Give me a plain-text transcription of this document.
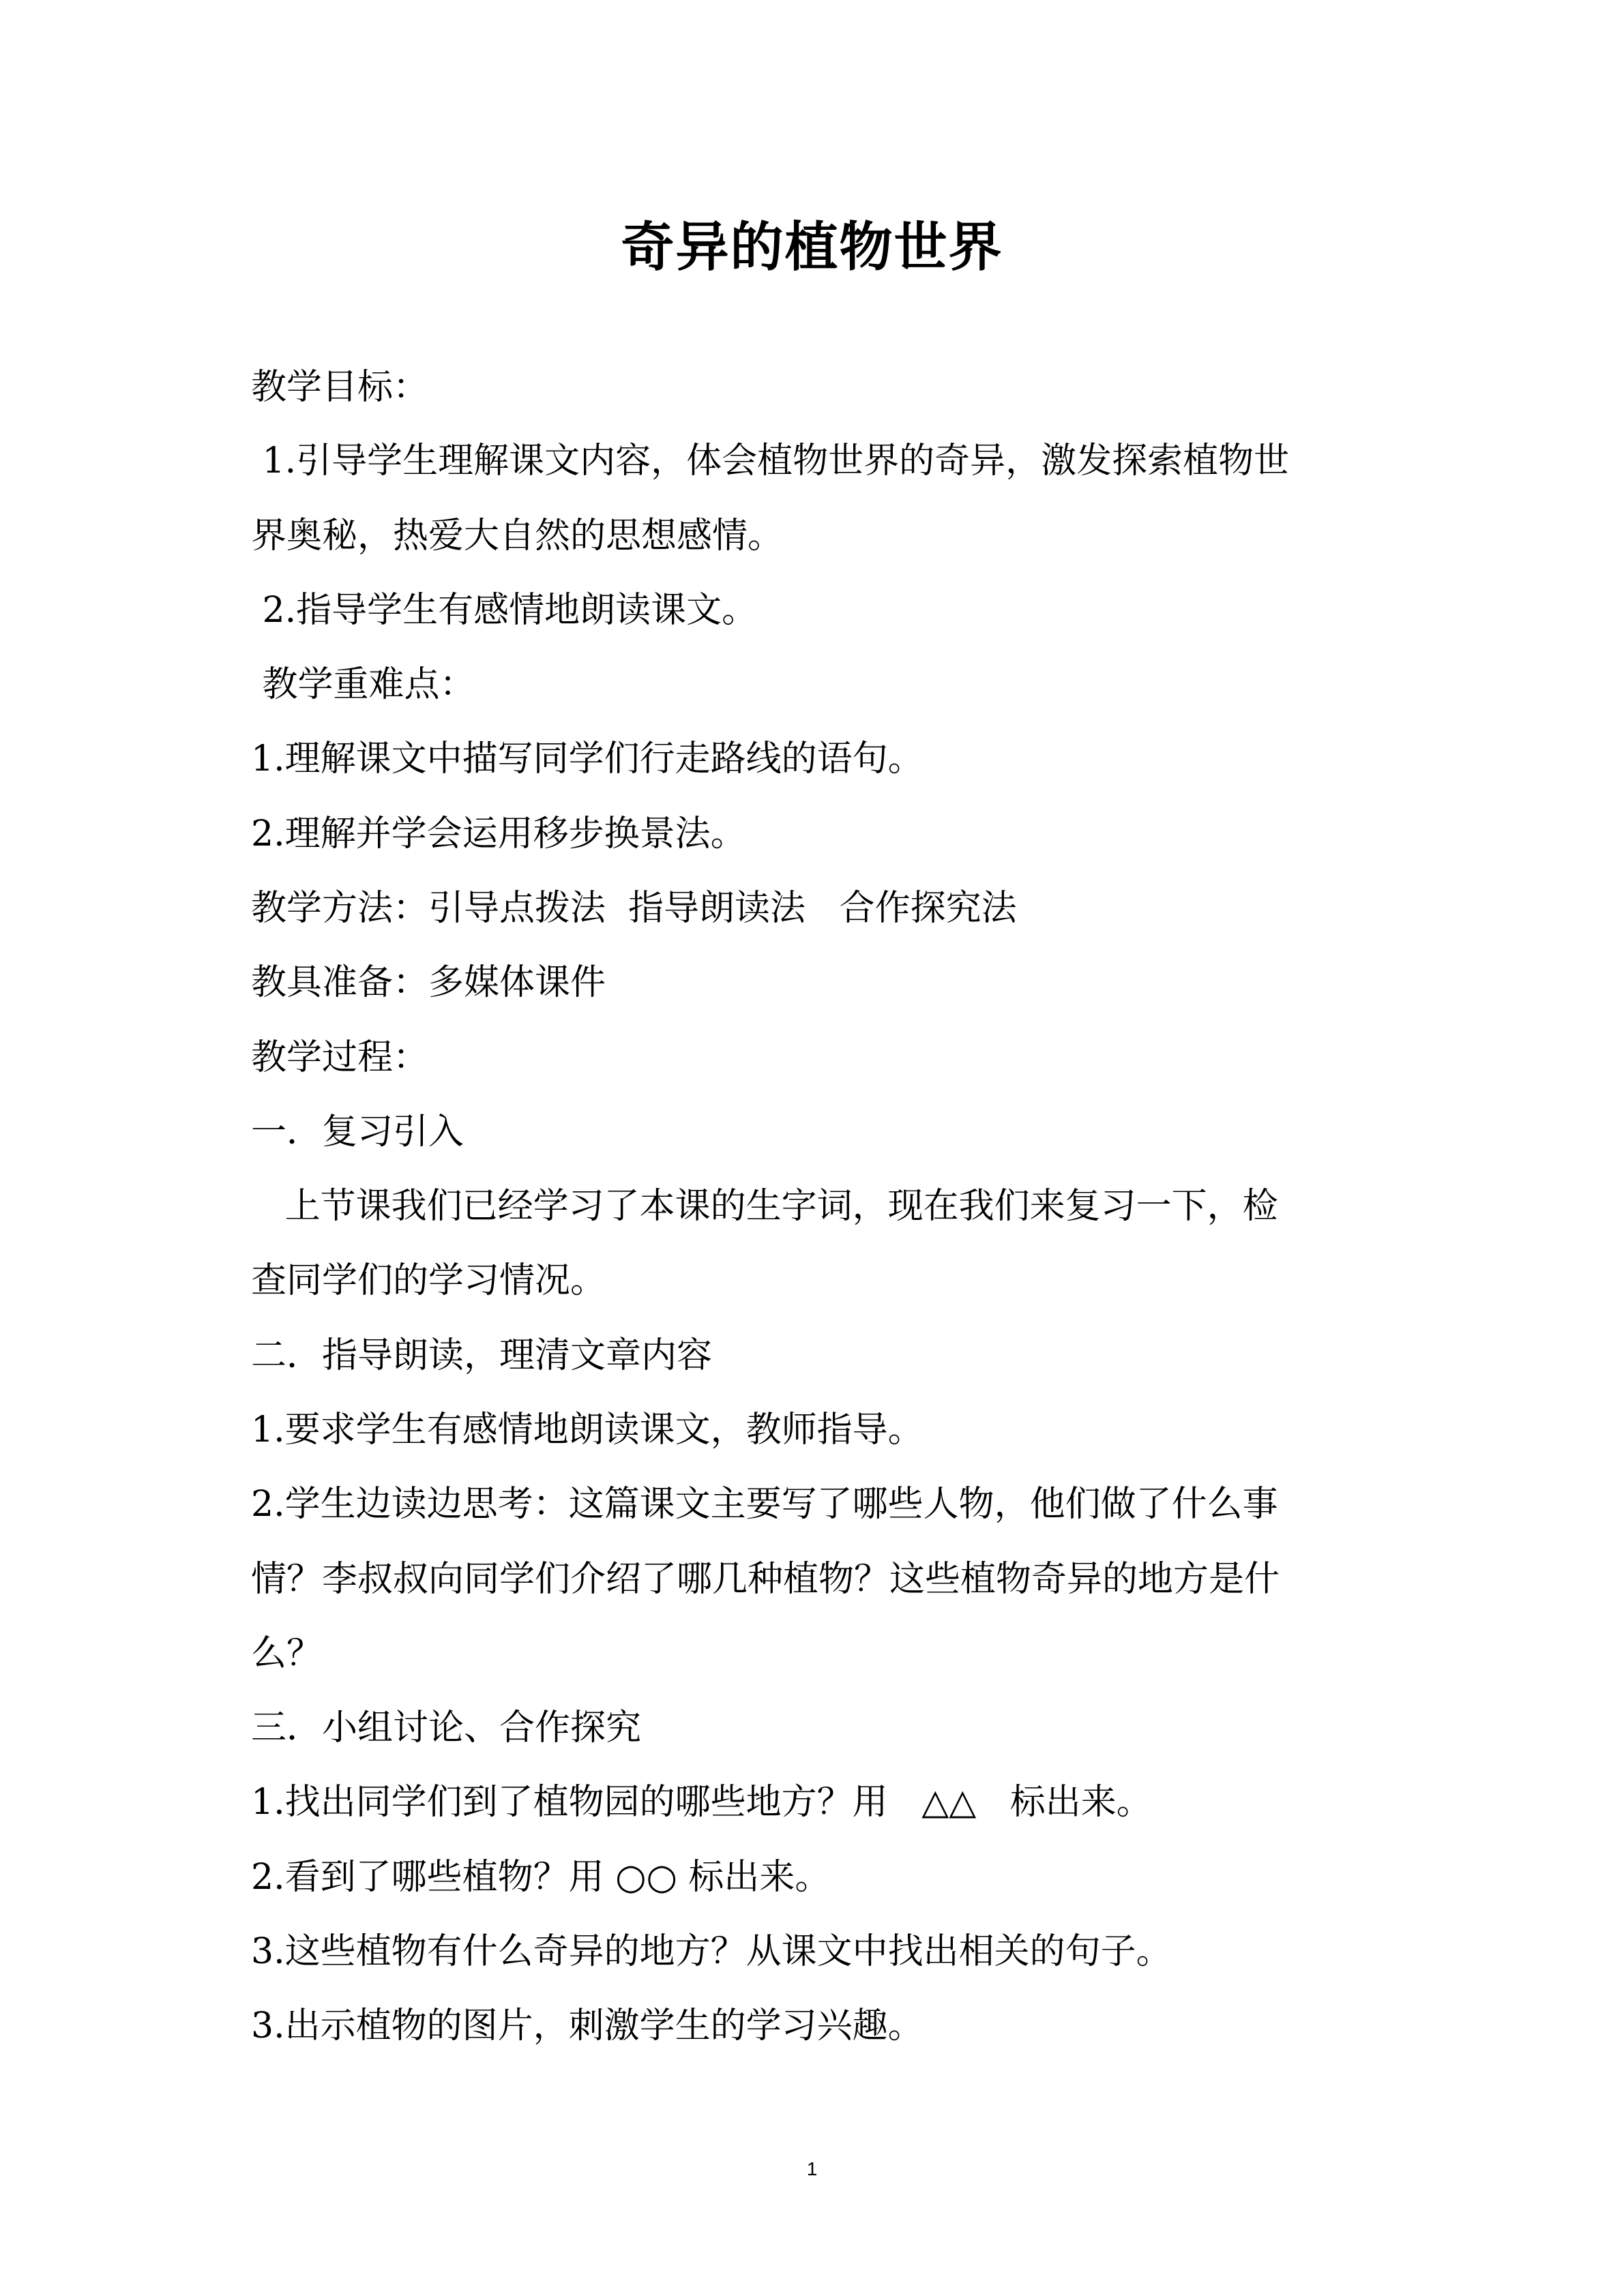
奇异的植物世界
教学目标：
1.引导学生理解课文内容，体会植物世界的奇异，激发探索植物世
界奥秘，热爱大自然的思想感情。
2.指导学生有感情地朗读课文。
教学重难点：
1.理解课文中描写同学们行走路线的语句。
2.理解并学会运用移步换景法。
教学方法：引导点拨法  指导朗读法   合作探究法
教具准备：多媒体课件
教学过程：
一．复习引入
上节课我们已经学习了本课的生字词，现在我们来复习一下，检
查同学们的学习情况。
二．指导朗读，理清文章内容
1.要求学生有感情地朗读课文，教师指导。
2.学生边读边思考：这篇课文主要写了哪些人物，他们做了什么事
情？李叔叔向同学们介绍了哪几种植物？这些植物奇异的地方是什
么？
三．小组讨论、合作探究
1.找出同学们到了植物园的哪些地方？用   △△   标出来。
2.看到了哪些植物？用 ○○ 标出来。
3.这些植物有什么奇异的地方？从课文中找出相关的句子。
3.出示植物的图片，刺激学生的学习兴趣。
1
